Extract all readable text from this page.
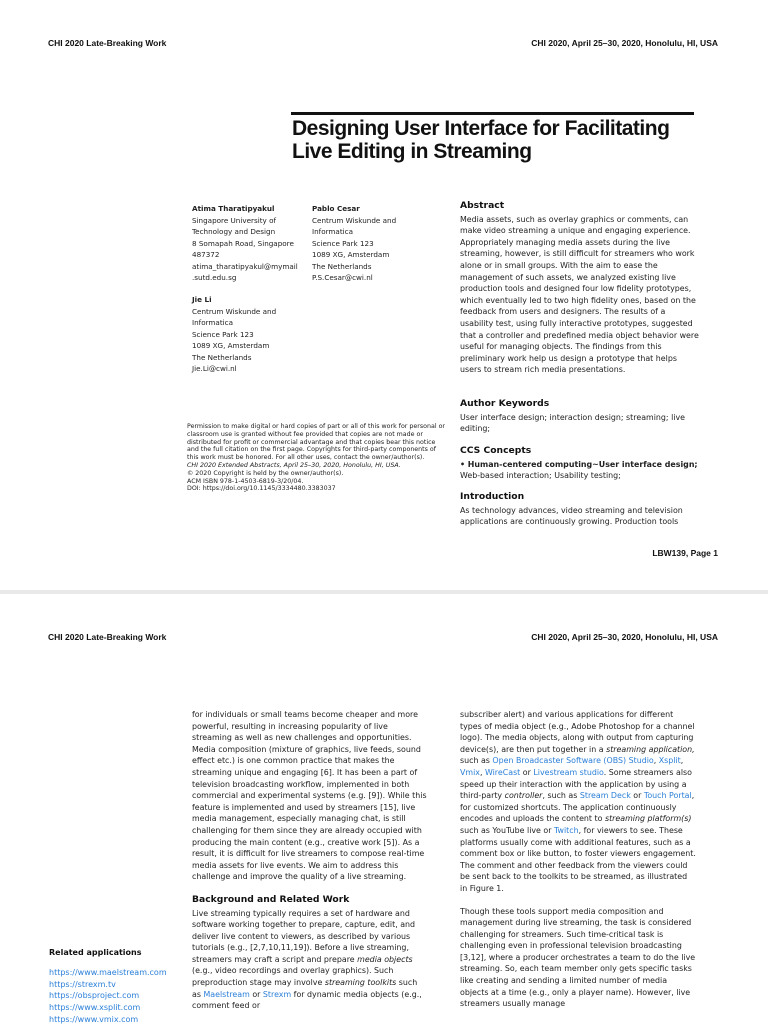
CHI 2020 Late-Breaking Work	CHI 2020, April 25–30, 2020, Honolulu, HI, USA
Designing User Interface for Facilitating
Live Editing in Streaming
Atima Tharatipyakul
Singapore University of
Technology and Design
8 Somapah Road, Singapore
487372
atima_tharatipyakul@mymail
.sutd.edu.sg
Pablo Cesar
Centrum Wiskunde and
Informatica
Science Park 123
1089 XG, Amsterdam
The Netherlands
P.S.Cesar@cwi.nl
Jie Li
Centrum Wiskunde and
Informatica
Science Park 123
1089 XG, Amsterdam
The Netherlands
Jie.Li@cwi.nl
Permission to make digital or hard copies of part or all of this work for personal or classroom use is granted without fee provided that copies are not made or distributed for profit or commercial advantage and that copies bear this notice and the full citation on the first page. Copyrights for third-party components of this work must be honored. For all other uses, contact the owner/author(s).
CHI 2020 Extended Abstracts, April 25–30, 2020, Honolulu, HI, USA.
© 2020 Copyright is held by the owner/author(s).
ACM ISBN 978-1-4503-6819-3/20/04.
DOI: https://doi.org/10.1145/3334480.3383037
Abstract
Media assets, such as overlay graphics or comments, can make video streaming a unique and engaging experience. Appropriately managing media assets during the live streaming, however, is still difficult for streamers who work alone or in small groups. With the aim to ease the management of such assets, we analyzed existing live production tools and designed four low fidelity prototypes, which eventually led to two high fidelity ones, based on the feedback from users and designers. The results of a usability test, using fully interactive prototypes, suggested that a controller and predefined media object behavior were useful for managing objects. The findings from this preliminary work help us design a prototype that helps users to stream rich media presentations.
Author Keywords
User interface design; interaction design; streaming; live editing;
CCS Concepts
• Human-centered computing~User interface design; Web-based interaction; Usability testing;
Introduction
As technology advances, video streaming and television applications are continuously growing. Production tools
LBW139, Page 1
CHI 2020 Late-Breaking Work	CHI 2020, April 25–30, 2020, Honolulu, HI, USA

for individuals or small teams become cheaper and more powerful, resulting in increasing popularity of live streaming as well as new challenges and opportunities. Media composition (mixture of graphics, live feeds, sound effect etc.) is one common practice that makes the streaming unique and engaging [6]. It has been a part of television broadcasting workflow, implemented in both commercial and experimental systems (e.g. [9]). While this feature is implemented and used by streamers [15], live media management, especially managing chat, is still challenging for them since they are already occupied with producing the main content (e.g., creative work [5]). As a result, it is difficult for live streamers to compose real-time media assets for live events. We aim to address this challenge and improve the quality of a live streaming.

Background and Related Work

Live streaming typically requires a set of hardware and software working together to prepare, capture, edit, and deliver live content to viewers, as described by various tutorials (e.g., [2,7,10,11,19]). Before a live streaming, streamers may craft a script and prepare media objects (e.g., video recordings and overlay graphics). Such preproduction stage may involve streaming toolkits such as Maelstream or Strexm for dynamic media objects (e.g., comment feed or

subscriber alert) and various applications for different types of media object (e.g., Adobe Photoshop for a channel logo). The media objects, along with output from capturing device(s), are then put together in a streaming application, such as Open Broadcaster Software (OBS) Studio, Xsplit, Vmix, WireCast or Livestream studio. Some streamers also speed up their interaction with the application by using a third-party controller, such as Stream Deck or Touch Portal, for customized shortcuts. The application continuously encodes and uploads the content to streaming platform(s) such as YouTube live or Twitch, for viewers to see. These platforms usually come with additional features, such as a comment box or like button, to foster viewers engagement. The comment and other feedback from the viewers could be sent back to the toolkits to be streamed, as illustrated in Figure 1.

Though these tools support media composition and management during live streaming, the task is considered challenging for streamers. Such time-critical task is challenging even in professional television broadcasting [3,12], where a producer orchestrates a team to do the live streaming. So, each team member only gets specific tasks like creating and sending a limited number of media objects at a time (e.g., only a player name). However, live streamers usually manage

Related applications
https://www.maelstream.com
https://strexm.tv
https://obsproject.com
https://www.xsplit.com
https://www.vmix.com
